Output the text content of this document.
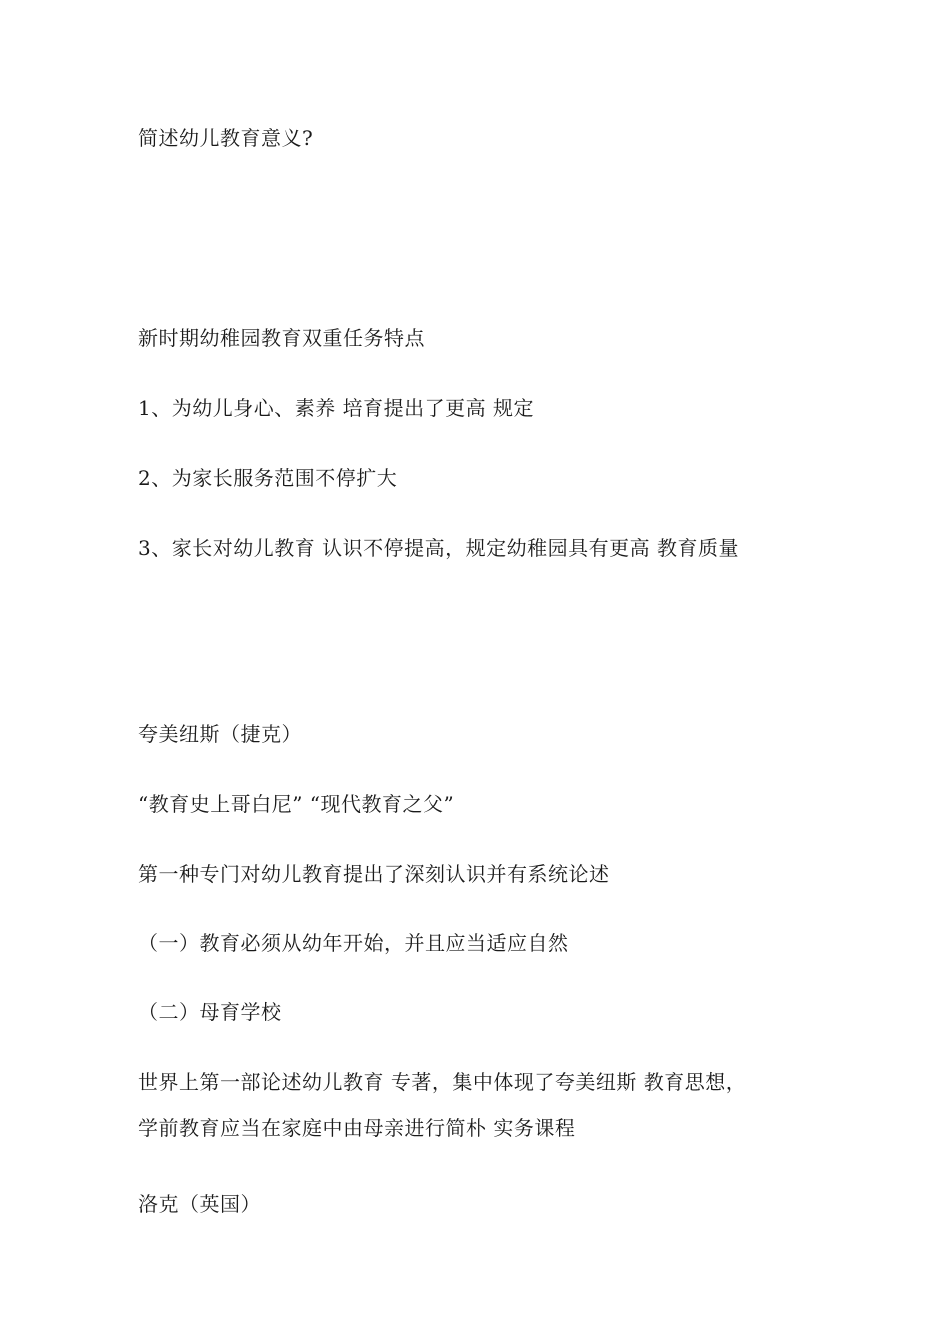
简述幼儿教育意义?
新时期幼稚园教育双重任务特点
1、为幼儿身心、素养 培育提出了更高 规定
2、为家长服务范围不停扩大
3、家长对幼儿教育 认识不停提高，规定幼稚园具有更高 教育质量
夸美纽斯（捷克）
“教育史上哥白尼” “现代教育之父”
第一种专门对幼儿教育提出了深刻认识并有系统论述
（一）教育必须从幼年开始，并且应当适应自然
（二）母育学校
世界上第一部论述幼儿教育 专著，集中体现了夸美纽斯 教育思想，学前教育应当在家庭中由母亲进行简朴 实务课程
洛克（英国）
